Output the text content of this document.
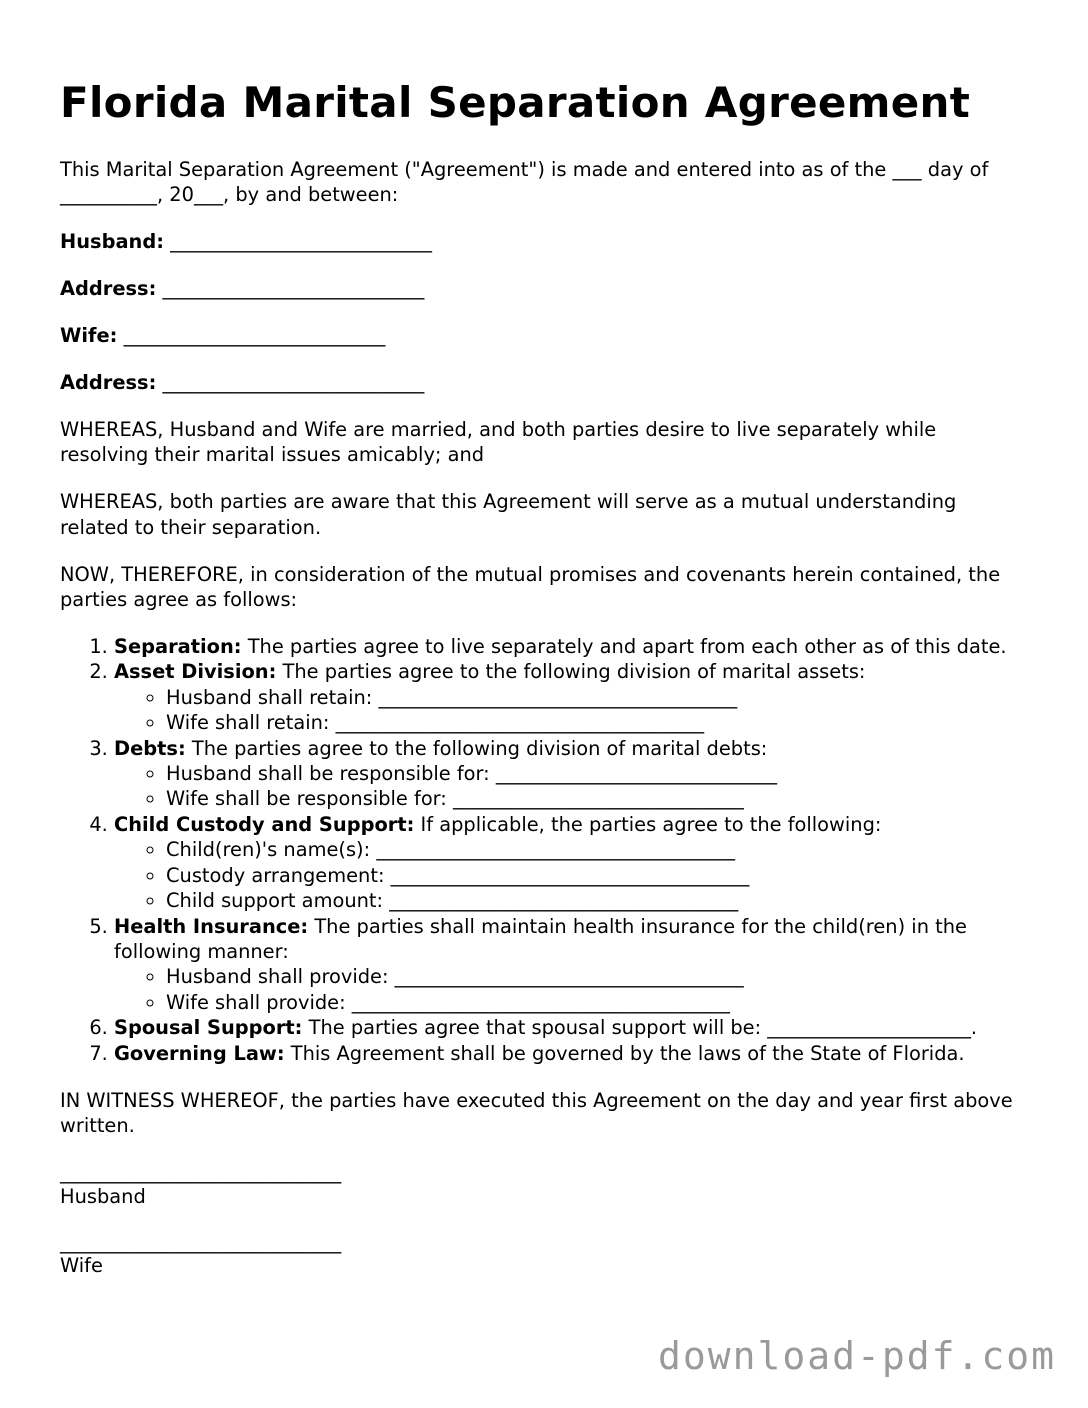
Florida Marital Separation Agreement

This Marital Separation Agreement ("Agreement") is made and entered into as of the ___ day of __________, 20___, by and between:

Husband: ___________________________

Address: ___________________________

Wife: ___________________________

Address: ___________________________

WHEREAS, Husband and Wife are married, and both parties desire to live separately while resolving their marital issues amicably; and

WHEREAS, both parties are aware that this Agreement will serve as a mutual understanding related to their separation.

NOW, THEREFORE, in consideration of the mutual promises and covenants herein contained, the parties agree as follows:

1. Separation: The parties agree to live separately and apart from each other as of this date.
2. Asset Division: The parties agree to the following division of marital assets:
◦ Husband shall retain: _____________________________________
◦ Wife shall retain: ______________________________________
3. Debts: The parties agree to the following division of marital debts:
◦ Husband shall be responsible for: _____________________________
◦ Wife shall be responsible for: ______________________________
4. Child Custody and Support: If applicable, the parties agree to the following:
◦ Child(ren)'s name(s): _____________________________________
◦ Custody arrangement: _____________________________________
◦ Child support amount: ____________________________________
5. Health Insurance: The parties shall maintain health insurance for the child(ren) in the following manner:
◦ Husband shall provide: ____________________________________
◦ Wife shall provide: _______________________________________
6. Spousal Support: The parties agree that spousal support will be: _____________________.
7. Governing Law: This Agreement shall be governed by the laws of the State of Florida.

IN WITNESS WHEREOF, the parties have executed this Agreement on the day and year first above written.

_____________________________
Husband
_____________________________
Wife
download-pdf.com
